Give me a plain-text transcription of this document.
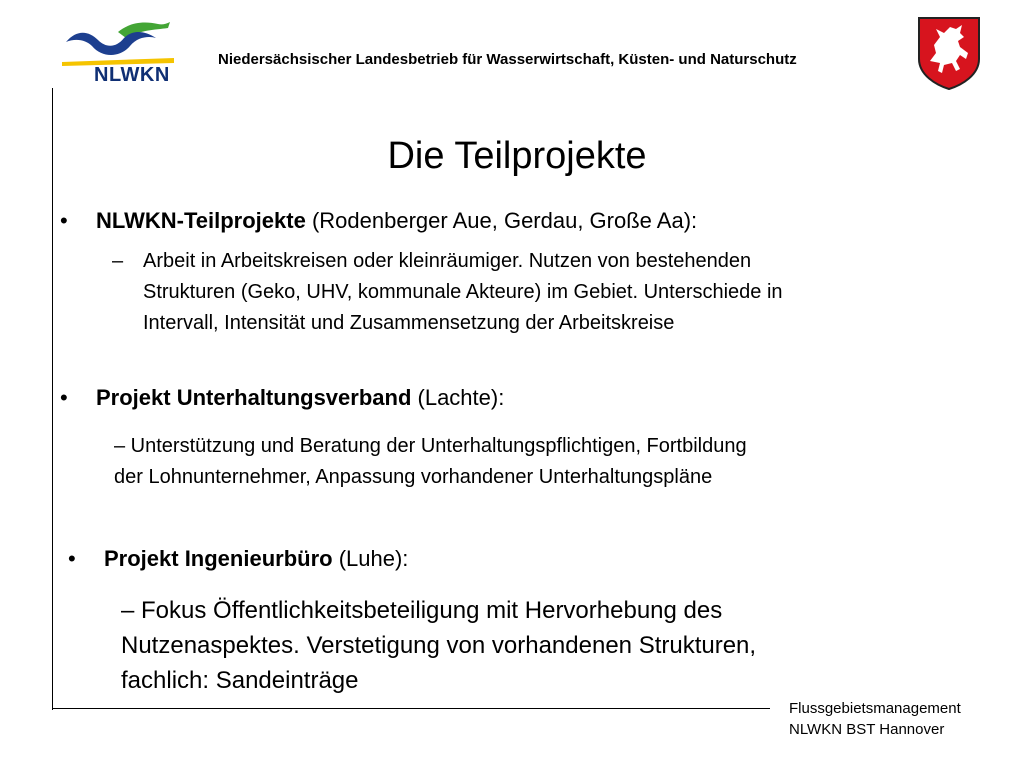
NLWKN
Niedersächsischer Landesbetrieb für Wasserwirtschaft, Küsten- und Naturschutz
Die Teilprojekte
• NLWKN-Teilprojekte (Rodenberger Aue, Gerdau, Große Aa):
– Arbeit in Arbeitskreisen oder kleinräumiger. Nutzen von bestehenden
Strukturen (Geko, UHV, kommunale Akteure) im Gebiet. Unterschiede in
Intervall, Intensität und Zusammensetzung der Arbeitskreise
• Projekt Unterhaltungsverband (Lachte):
– Unterstützung und Beratung der Unterhaltungspflichtigen, Fortbildung
der Lohnunternehmer, Anpassung vorhandener Unterhaltungspläne
• Projekt Ingenieurbüro (Luhe):
– Fokus Öffentlichkeitsbeteiligung mit Hervorhebung des
Nutzenaspektes. Verstetigung von vorhandenen Strukturen,
fachlich: Sandeinträge
Flussgebietsmanagement
NLWKN BST Hannover
